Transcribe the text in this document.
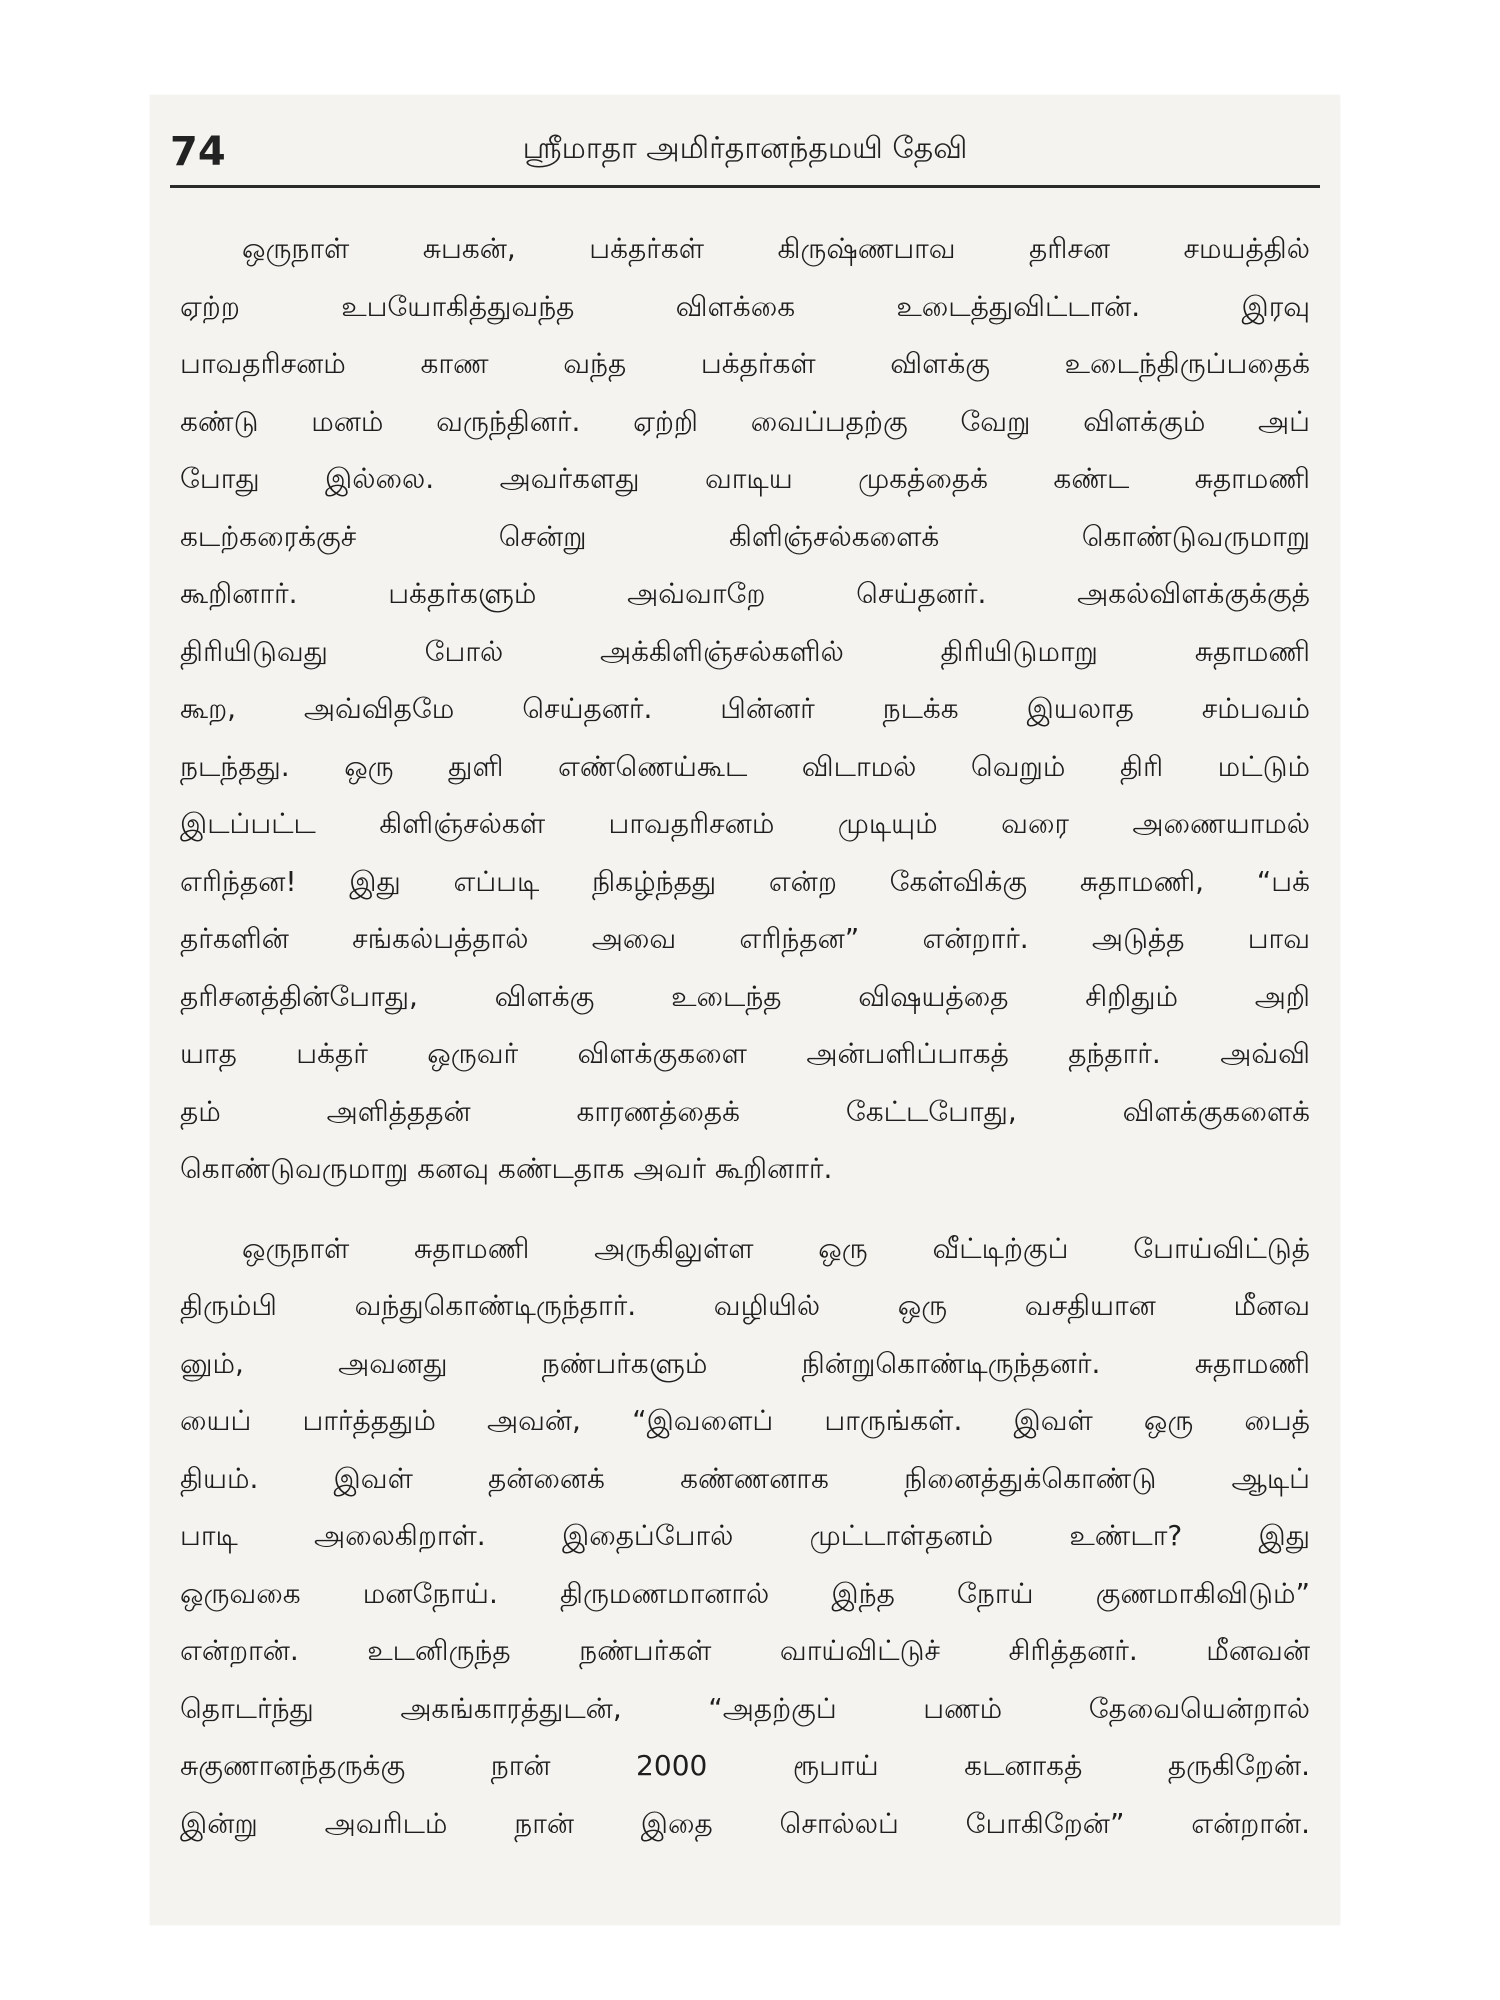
74	ஸ்ரீமாதா அமிர்தானந்தமயி தேவி

ஒருநாள் சுபகன், பக்தர்கள் கிருஷ்ணபாவ தரிசன சமயத்தில்
ஏற்ற உபயோகித்துவந்த விளக்கை உடைத்துவிட்டான். இரவு
பாவதரிசனம் காண வந்த பக்தர்கள் விளக்கு உடைந்திருப்பதைக்
கண்டு மனம் வருந்தினர். ஏற்றி வைப்பதற்கு வேறு விளக்கும் அப்
போது இல்லை. அவர்களது வாடிய முகத்தைக் கண்ட சுதாமணி
கடற்கரைக்குச் சென்று கிளிஞ்சல்களைக் கொண்டுவருமாறு
கூறினார். பக்தர்களும் அவ்வாறே செய்தனர். அகல்விளக்குக்குத்
திரியிடுவது போல் அக்கிளிஞ்சல்களில் திரியிடுமாறு சுதாமணி
கூற, அவ்விதமே செய்தனர். பின்னர் நடக்க இயலாத சம்பவம்
நடந்தது. ஒரு துளி எண்ணெய்கூட விடாமல் வெறும் திரி மட்டும்
இடப்பட்ட கிளிஞ்சல்கள் பாவதரிசனம் முடியும் வரை அணையாமல்
எரிந்தன! இது எப்படி நிகழ்ந்தது என்ற கேள்விக்கு சுதாமணி, “பக்
தர்களின் சங்கல்பத்தால் அவை எரிந்தன” என்றார். அடுத்த பாவ
தரிசனத்தின்போது, விளக்கு உடைந்த விஷயத்தை சிறிதும் அறி
யாத பக்தர் ஒருவர் விளக்குகளை அன்பளிப்பாகத் தந்தார். அவ்வி
தம் அளித்ததன் காரணத்தைக் கேட்டபோது, விளக்குகளைக்
கொண்டுவருமாறு கனவு கண்டதாக அவர் கூறினார்.

ஒருநாள் சுதாமணி அருகிலுள்ள ஒரு வீட்டிற்குப் போய்விட்டுத்
திரும்பி வந்துகொண்டிருந்தார். வழியில் ஒரு வசதியான மீனவ
னும், அவனது நண்பர்களும் நின்றுகொண்டிருந்தனர். சுதாமணி
யைப் பார்த்ததும் அவன், “இவளைப் பாருங்கள். இவள் ஒரு பைத்
தியம். இவள் தன்னைக் கண்ணனாக நினைத்துக்கொண்டு ஆடிப்
பாடி அலைகிறாள். இதைப்போல் முட்டாள்தனம் உண்டா? இது
ஒருவகை மனநோய். திருமணமானால் இந்த நோய் குணமாகிவிடும்”
என்றான். உடனிருந்த நண்பர்கள் வாய்விட்டுச் சிரித்தனர். மீனவன்
தொடர்ந்து அகங்காரத்துடன், “அதற்குப் பணம் தேவையென்றால்
சுகுணானந்தருக்கு நான் 2000 ரூபாய் கடனாகத் தருகிறேன்.
இன்று அவரிடம் நான் இதை சொல்லப் போகிறேன்” என்றான்.
